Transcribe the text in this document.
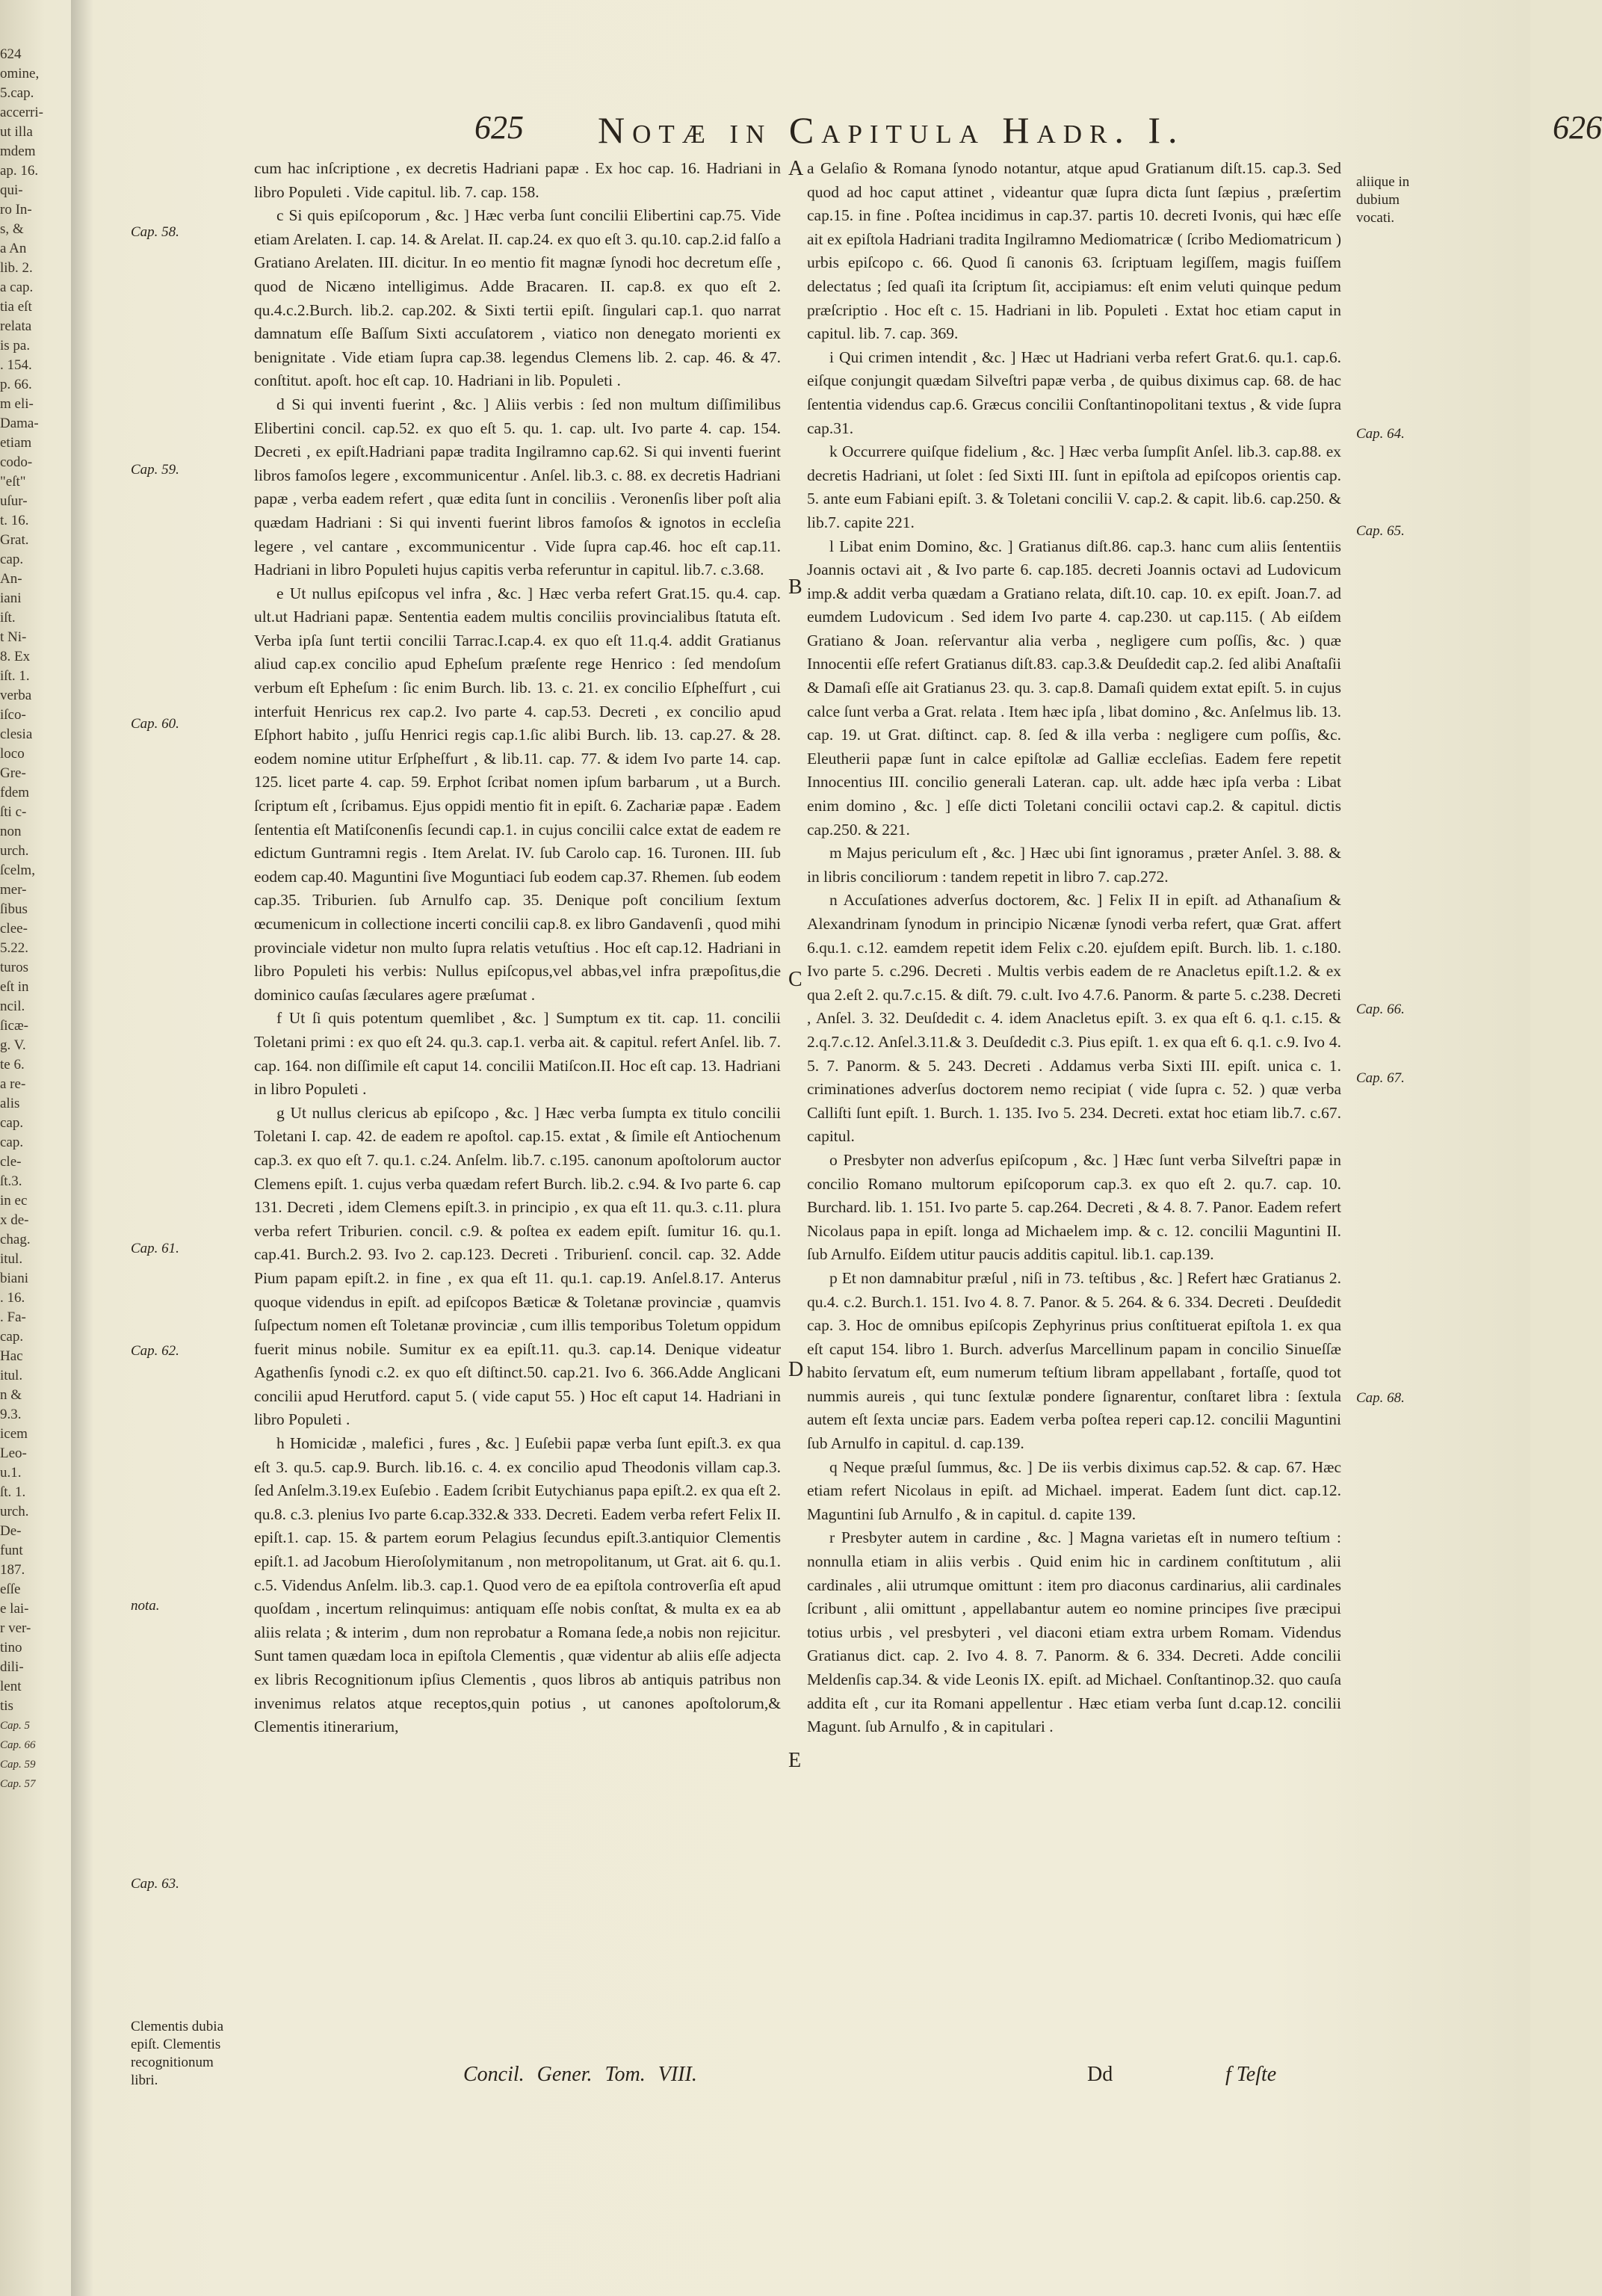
624
omine,
5.cap.
accerri-
ut illa
mdem
ap. 16.
qui-
ro In-
s, &
a An
lib. 2.
a cap.
tia eſt
relata
is pa.
. 154.
p. 66.
m eli-
Dama-
etiam
codo-
"eſt"
uſur-
t. 16.
Grat.
cap.
An-
iani
iſt.
t Ni-
8. Ex
iſt. 1.
verba
iſco-
clesia
loco
Gre-
fdem
ſti c-
non
urch.
ſcelm,
mer-
ſibus
clee-
5.22.
turos
eſt in
ncil.
ſicæ-
g. V.
te 6.
a re-
alis
cap.
cap.
cle-
ſt.3.
in ec
x de-
chag.
itul.
biani
. 16.
. Fa-
cap.
Hac
itul.
n &
9.3.
icem
Leo-
u.1.
ſt. 1.
urch.
De-
funt
187.
eſſe
e lai-
r ver-
tino
dili-
lent
tis
Cap. 5
Cap. 66
Cap. 59
Cap. 57
625 Notæ in Capitula Hadr. I.	626
Cap. 58.
Cap. 59.
Cap. 60.
Cap. 61.
Cap. 62.
nota.
Cap. 63.
Clementis dubia epiſt. Clementis recognitionum libri.
A
B
C
D
E

cum hac inſcriptione , ex decretis Hadriani papæ . Ex hoc cap. 16. Hadriani in libro Populeti . Vide capitul. lib. 7. cap. 158.

c Si quis epiſcoporum , &c. ] Hæc verba ſunt concilii Elibertini cap.75. Vide etiam Arelaten. I. cap. 14. & Arelat. II. cap.24. ex quo eſt 3. qu.10. cap.2.id falſo a Gratiano Arelaten. III. dicitur. In eo mentio fit magnæ ſynodi hoc decretum eſſe , quod de Nicæno intelligimus. Adde Bracaren. II. cap.8. ex quo eſt 2. qu.4.c.2.Burch. lib.2. cap.202. & Sixti tertii epiſt. ſingulari cap.1. quo narrat damnatum eſſe Baſſum Sixti accuſatorem , viatico non denegato morienti ex benignitate . Vide etiam ſupra cap.38. legendus Clemens lib. 2. cap. 46. & 47. conſtitut. apoſt. hoc eſt cap. 10. Hadriani in lib. Populeti .

d Si qui inventi fuerint , &c. ] Aliis verbis : ſed non multum diſſimilibus Elibertini concil. cap.52. ex quo eſt 5. qu. 1. cap. ult. Ivo parte 4. cap. 154. Decreti , ex epiſt.Hadriani papæ tradita Ingilramno cap.62. Si qui inventi fuerint libros famoſos legere , excommunicentur . Anſel. lib.3. c. 88. ex decretis Hadriani papæ , verba eadem refert , quæ edita ſunt in conciliis . Veronenſis liber poſt alia quædam Hadriani : Si qui inventi fuerint libros famoſos & ignotos in eccleſia legere , vel cantare , excommunicentur . Vide ſupra cap.46. hoc eſt cap.11. Hadriani in libro Populeti hujus capitis verba referuntur in capitul. lib.7. c.3.68.

e Ut nullus epiſcopus vel infra , &c. ] Hæc verba refert Grat.15. qu.4. cap. ult.ut Hadriani papæ. Sententia eadem multis conciliis provincialibus ſtatuta eſt. Verba ipſa ſunt tertii concilii Tarrac.I.cap.4. ex quo eſt 11.q.4. addit Gratianus aliud cap.ex concilio apud Epheſum præſente rege Henrico : ſed mendoſum verbum eſt Epheſum : ſic enim Burch. lib. 13. c. 21. ex concilio Eſpheſfurt , cui interfuit Henricus rex cap.2. Ivo parte 4. cap.53. Decreti , ex concilio apud Eſphort habito , juſſu Henrici regis cap.1.ſic alibi Burch. lib. 13. cap.27. & 28. eodem nomine utitur Erſpheſfurt , & lib.11. cap. 77. & idem Ivo parte 14. cap. 125. licet parte 4. cap. 59. Erphot ſcribat nomen ipſum barbarum , ut a Burch. ſcriptum eſt , ſcribamus. Ejus oppidi mentio fit in epiſt. 6. Zachariæ papæ . Eadem ſententia eſt Matiſconenſis ſecundi cap.1. in cujus concilii calce extat de eadem re edictum Guntramni regis . Item Arelat. IV. ſub Carolo cap. 16. Turonen. III. ſub eodem cap.40. Maguntini ſive Moguntiaci ſub eodem cap.37. Rhemen. ſub eodem cap.35. Triburien. ſub Arnulfo cap. 35. Denique poſt concilium ſextum œcumenicum in collectione incerti concilii cap.8. ex libro Gandavenſi , quod mihi provinciale videtur non multo ſupra relatis vetuſtius . Hoc eſt cap.12. Hadriani in libro Populeti his verbis: Nullus epiſcopus,vel abbas,vel infra præpoſitus,die dominico cauſas ſæculares agere præſumat .

f Ut ſi quis potentum quemlibet , &c. ] Sumptum ex tit. cap. 11. concilii Toletani primi : ex quo eſt 24. qu.3. cap.1. verba ait. & capitul. refert Anſel. lib. 7. cap. 164. non diſſimile eſt caput 14. concilii Matiſcon.II. Hoc eſt cap. 13. Hadriani in libro Populeti .

g Ut nullus clericus ab epiſcopo , &c. ] Hæc verba ſumpta ex titulo concilii Toletani I. cap. 42. de eadem re apoſtol. cap.15. extat , & ſimile eſt Antiochenum cap.3. ex quo eſt 7. qu.1. c.24. Anſelm. lib.7. c.195. canonum apoſtolorum auctor Clemens epiſt. 1. cujus verba quædam refert Burch. lib.2. c.94. & Ivo parte 6. cap 131. Decreti , idem Clemens epiſt.3. in principio , ex qua eſt 11. qu.3. c.11. plura verba refert Triburien. concil. c.9. & poſtea ex eadem epiſt. ſumitur 16. qu.1. cap.41. Burch.2. 93. Ivo 2. cap.123. Decreti . Triburienſ. concil. cap. 32. Adde Pium papam epiſt.2. in fine , ex qua eſt 11. qu.1. cap.19. Anſel.8.17. Anterus quoque videndus in epiſt. ad epiſcopos Bæticæ & Toletanæ provinciæ , quamvis ſuſpectum nomen eſt Toletanæ provinciæ , cum illis temporibus Toletum oppidum fuerit minus nobile. Sumitur ex ea epiſt.11. qu.3. cap.14. Denique videatur Agathenſis ſynodi c.2. ex quo eſt diſtinct.50. cap.21. Ivo 6. 366.Adde Anglicani concilii apud Herutford. caput 5. ( vide caput 55. ) Hoc eſt caput 14. Hadriani in libro Populeti .

h Homicidæ , malefici , fures , &c. ] Euſebii papæ verba ſunt epiſt.3. ex qua eſt 3. qu.5. cap.9. Burch. lib.16. c. 4. ex concilio apud Theodonis villam cap.3. ſed Anſelm.3.19.ex Euſebio . Eadem ſcribit Eutychianus papa epiſt.2. ex qua eſt 2. qu.8. c.3. plenius Ivo parte 6.cap.332.& 333. Decreti. Eadem verba refert Felix II. epiſt.1. cap. 15. & partem eorum Pelagius ſecundus epiſt.3.antiquior Clementis epiſt.1. ad Jacobum Hieroſolymitanum , non metropolitanum, ut Grat. ait 6. qu.1. c.5. Videndus Anſelm. lib.3. cap.1. Quod vero de ea epiſtola controverſia eſt apud quoſdam , incertum relinquimus: antiquam eſſe nobis conſtat, & multa ex ea ab aliis relata ; & interim , dum non reprobatur a Romana ſede,a nobis non rejicitur. Sunt tamen quædam loca in epiſtola Clementis , quæ videntur ab aliis eſſe adjecta ex libris Recognitionum ipſius Clementis , quos libros ab antiquis patribus non invenimus relatos atque receptos,quin potius , ut canones apoſtolorum,& Clementis itinerarium,

a Gelaſio & Romana ſynodo notantur, atque apud Gratianum diſt.15. cap.3. Sed quod ad hoc caput attinet , videantur quæ ſupra dicta ſunt ſæpius , præſertim cap.15. in fine . Poſtea incidimus in cap.37. partis 10. decreti Ivonis, qui hæc eſſe ait ex epiſtola Hadriani tradita Ingilramno Mediomatricæ ( ſcribo Mediomatricum ) urbis epiſcopo c. 66. Quod ſi canonis 63. ſcriptuam legiſſem, magis fuiſſem delectatus ; ſed quaſi ita ſcriptum ſit, accipiamus: eſt enim veluti quinque pedum præſcriptio . Hoc eſt c. 15. Hadriani in lib. Populeti . Extat hoc etiam caput in capitul. lib. 7. cap. 369.

i Qui crimen intendit , &c. ] Hæc ut Hadriani verba refert Grat.6. qu.1. cap.6. eiſque conjungit quædam Silveſtri papæ verba , de quibus diximus cap. 68. de hac ſententia videndus cap.6. Græcus concilii Conſtantinopolitani textus , & vide ſupra cap.31.

k Occurrere quiſque fidelium , &c. ] Hæc verba ſumpſit Anſel. lib.3. cap.88. ex decretis Hadriani, ut ſolet : ſed Sixti III. ſunt in epiſtola ad epiſcopos orientis cap. 5. ante eum Fabiani epiſt. 3. & Toletani concilii V. cap.2. & capit. lib.6. cap.250. & lib.7. capite 221.

l Libat enim Domino, &c. ] Gratianus diſt.86. cap.3. hanc cum aliis ſententiis Joannis octavi ait , & Ivo parte 6. cap.185. decreti Joannis octavi ad Ludovicum imp.& addit verba quædam a Gratiano relata, diſt.10. cap. 10. ex epiſt. Joan.7. ad eumdem Ludovicum . Sed idem Ivo parte 4. cap.230. ut cap.115. ( Ab eiſdem Gratiano & Joan. reſervantur alia verba , negligere cum poſſis, &c. ) quæ Innocentii eſſe refert Gratianus diſt.83. cap.3.& Deuſdedit cap.2. ſed alibi Anaſtaſii & Damaſi eſſe ait Gratianus 23. qu. 3. cap.8. Damaſi quidem extat epiſt. 5. in cujus calce ſunt verba a Grat. relata . Item hæc ipſa , libat domino , &c. Anſelmus lib. 13. cap. 19. ut Grat. diſtinct. cap. 8. ſed & illa verba : negligere cum poſſis, &c. Eleutherii papæ ſunt in calce epiſtolæ ad Galliæ eccleſias. Eadem fere repetit Innocentius III. concilio generali Lateran. cap. ult. adde hæc ipſa verba : Libat enim domino , &c. ] eſſe dicti Toletani concilii octavi cap.2. & capitul. dictis cap.250. & 221.

m Majus periculum eſt , &c. ] Hæc ubi ſint ignoramus , præter Anſel. 3. 88. & in libris conciliorum : tandem repetit in libro 7. cap.272.

n Accuſationes adverſus doctorem, &c. ] Felix II in epiſt. ad Athanaſium & Alexandrinam ſynodum in principio Nicænæ ſynodi verba refert, quæ Grat. affert 6.qu.1. c.12. eamdem repetit idem Felix c.20. ejuſdem epiſt. Burch. lib. 1. c.180. Ivo parte 5. c.296. Decreti . Multis verbis eadem de re Anacletus epiſt.1.2. & ex qua 2.eſt 2. qu.7.c.15. & diſt. 79. c.ult. Ivo 4.7.6. Panorm. & parte 5. c.238. Decreti , Anſel. 3. 32. Deuſdedit c. 4. idem Anacletus epiſt. 3. ex qua eſt 6. q.1. c.15. & 2.q.7.c.12. Anſel.3.11.& 3. Deuſdedit c.3. Pius epiſt. 1. ex qua eſt 6. q.1. c.9. Ivo 4. 5. 7. Panorm. & 5. 243. Decreti . Addamus verba Sixti III. epiſt. unica c. 1. criminationes adverſus doctorem nemo recipiat ( vide ſupra c. 52. ) quæ verba Calliſti ſunt epiſt. 1. Burch. 1. 135. Ivo 5. 234. Decreti. extat hoc etiam lib.7. c.67. capitul.

o Presbyter non adverſus epiſcopum , &c. ] Hæc ſunt verba Silveſtri papæ in concilio Romano multorum epiſcoporum cap.3. ex quo eſt 2. qu.7. cap. 10. Burchard. lib. 1. 151. Ivo parte 5. cap.264. Decreti , & 4. 8. 7. Panor. Eadem refert Nicolaus papa in epiſt. longa ad Michaelem imp. & c. 12. concilii Maguntini II. ſub Arnulfo. Eiſdem utitur paucis additis capitul. lib.1. cap.139.

p Et non damnabitur præſul , niſi in 73. teſtibus , &c. ] Refert hæc Gratianus 2. qu.4. c.2. Burch.1. 151. Ivo 4. 8. 7. Panor. & 5. 264. & 6. 334. Decreti . Deuſdedit cap. 3. Hoc de omnibus epiſcopis Zephyrinus prius conſtituerat epiſtola 1. ex qua eſt caput 154. libro 1. Burch. adverſus Marcellinum papam in concilio Sinueſſæ habito ſervatum eſt, eum numerum teſtium libram appellabant , fortaſſe, quod tot nummis aureis , qui tunc ſextulæ pondere ſignarentur, conſtaret libra : ſextula autem eſt ſexta unciæ pars. Eadem verba poſtea reperi cap.12. concilii Maguntini ſub Arnulfo in capitul. d. cap.139.

q Neque præſul ſummus, &c. ] De iis verbis diximus cap.52. & cap. 67. Hæc etiam refert Nicolaus in epiſt. ad Michael. imperat. Eadem ſunt dict. cap.12. Maguntini ſub Arnulfo , & in capitul. d. capite 139.

r Presbyter autem in cardine , &c. ] Magna varietas eſt in numero teſtium : nonnulla etiam in aliis verbis . Quid enim hic in cardinem conſtitutum , alii cardinales , alii utrumque omittunt : item pro diaconus cardinarius, alii cardinales ſcribunt , alii omittunt , appellabantur autem eo nomine principes ſive præcipui totius urbis , vel presbyteri , vel diaconi etiam extra urbem Romam. Videndus Gratianus dict. cap. 2. Ivo 4. 8. 7. Panorm. & 6. 334. Decreti. Adde concilii Meldenſis cap.34. & vide Leonis IX. epiſt. ad Michael. Conſtantinop.32. quo cauſa addita eſt , cur ita Romani appellentur . Hæc etiam verba ſunt d.cap.12. concilii Magunt. ſub Arnulfo , & in capitulari .

aliique in dubium vocati.
Cap. 64.
Cap. 65.
Cap. 66.
Cap. 67.
Cap. 68.
Concil. Gener. Tom. VIII.	Dd	f Teſte
